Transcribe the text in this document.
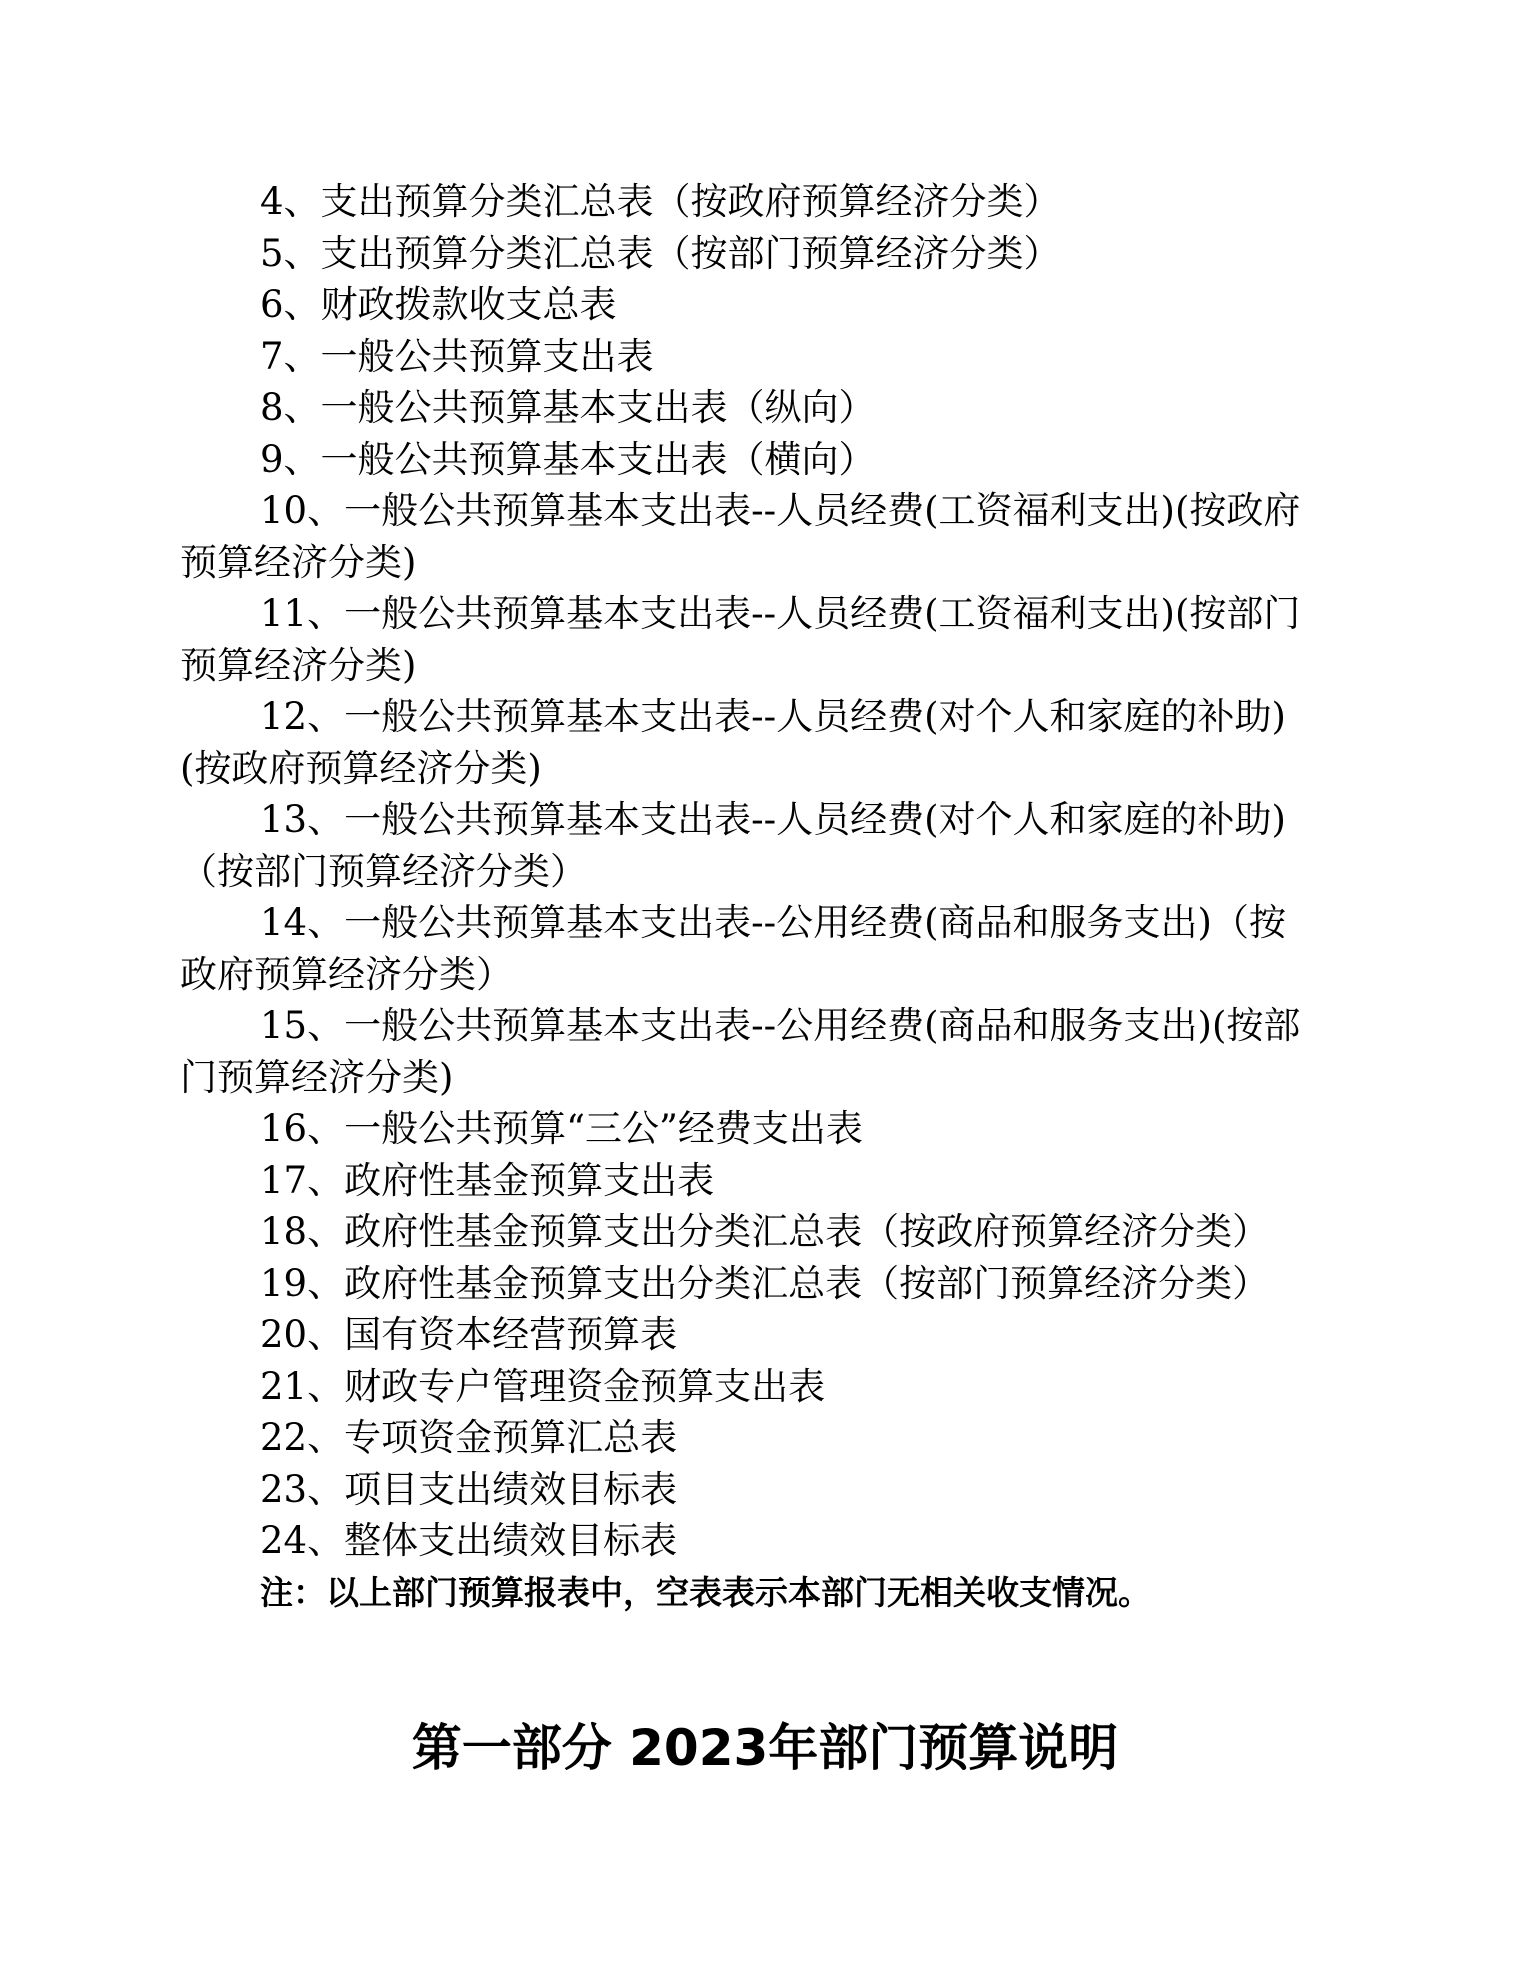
4、支出预算分类汇总表（按政府预算经济分类）

5、支出预算分类汇总表（按部门预算经济分类）

6、财政拨款收支总表

7、一般公共预算支出表

8、一般公共预算基本支出表（纵向）

9、一般公共预算基本支出表（横向）

10、一般公共预算基本支出表--人员经费(工资福利支出)(按政府预算经济分类)

11、一般公共预算基本支出表--人员经费(工资福利支出)(按部门预算经济分类)

12、一般公共预算基本支出表--人员经费(对个人和家庭的补助)(按政府预算经济分类)

13、一般公共预算基本支出表--人员经费(对个人和家庭的补助)（按部门预算经济分类）

14、一般公共预算基本支出表--公用经费(商品和服务支出)（按政府预算经济分类）

15、一般公共预算基本支出表--公用经费(商品和服务支出)(按部门预算经济分类)

16、一般公共预算“三公”经费支出表

17、政府性基金预算支出表

18、政府性基金预算支出分类汇总表（按政府预算经济分类）

19、政府性基金预算支出分类汇总表（按部门预算经济分类）

20、国有资本经营预算表

21、财政专户管理资金预算支出表

22、专项资金预算汇总表

23、项目支出绩效目标表

24、整体支出绩效目标表

注：以上部门预算报表中，空表表示本部门无相关收支情况。

第一部分 2023年部门预算说明
